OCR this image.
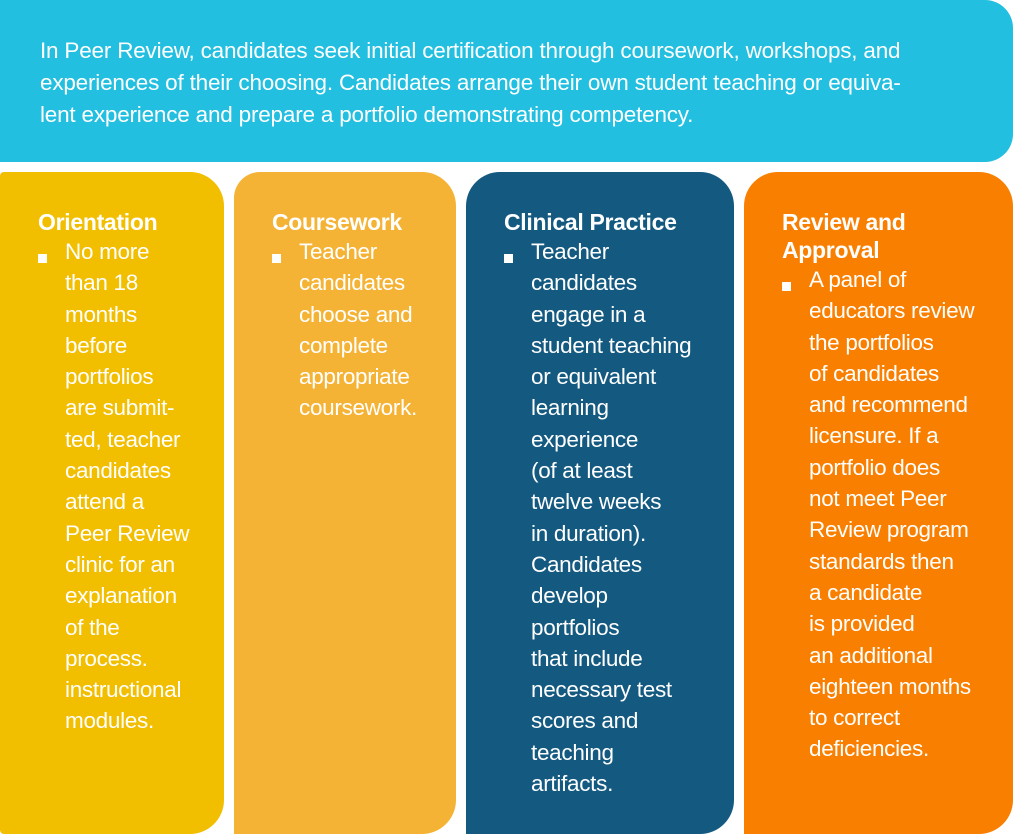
In Peer Review, candidates seek initial certification through coursework, workshops, and
experiences of their choosing. Candidates arrange their own student teaching or equiva-
lent experience and prepare a portfolio demonstrating competency.

Orientation

No more
than 18
months
before
portfolios
are submit-
ted, teacher
candidates
attend a
Peer Review
clinic for an
explanation
of the
process.
instructional
modules.

Coursework

Teacher
candidates
choose and
complete
appropriate
coursework.

Clinical Practice

Teacher
candidates
engage in a
student teaching
or equivalent
learning
experience
(of at least
twelve weeks
in duration).
Candidates
develop
portfolios
that include
necessary test
scores and
teaching
artifacts.

Review and
Approval

A panel of
educators review
the portfolios
of candidates
and recommend
licensure. If a
portfolio does
not meet Peer
Review program
standards then
a candidate
is provided
an additional
eighteen months
to correct
deficiencies.
